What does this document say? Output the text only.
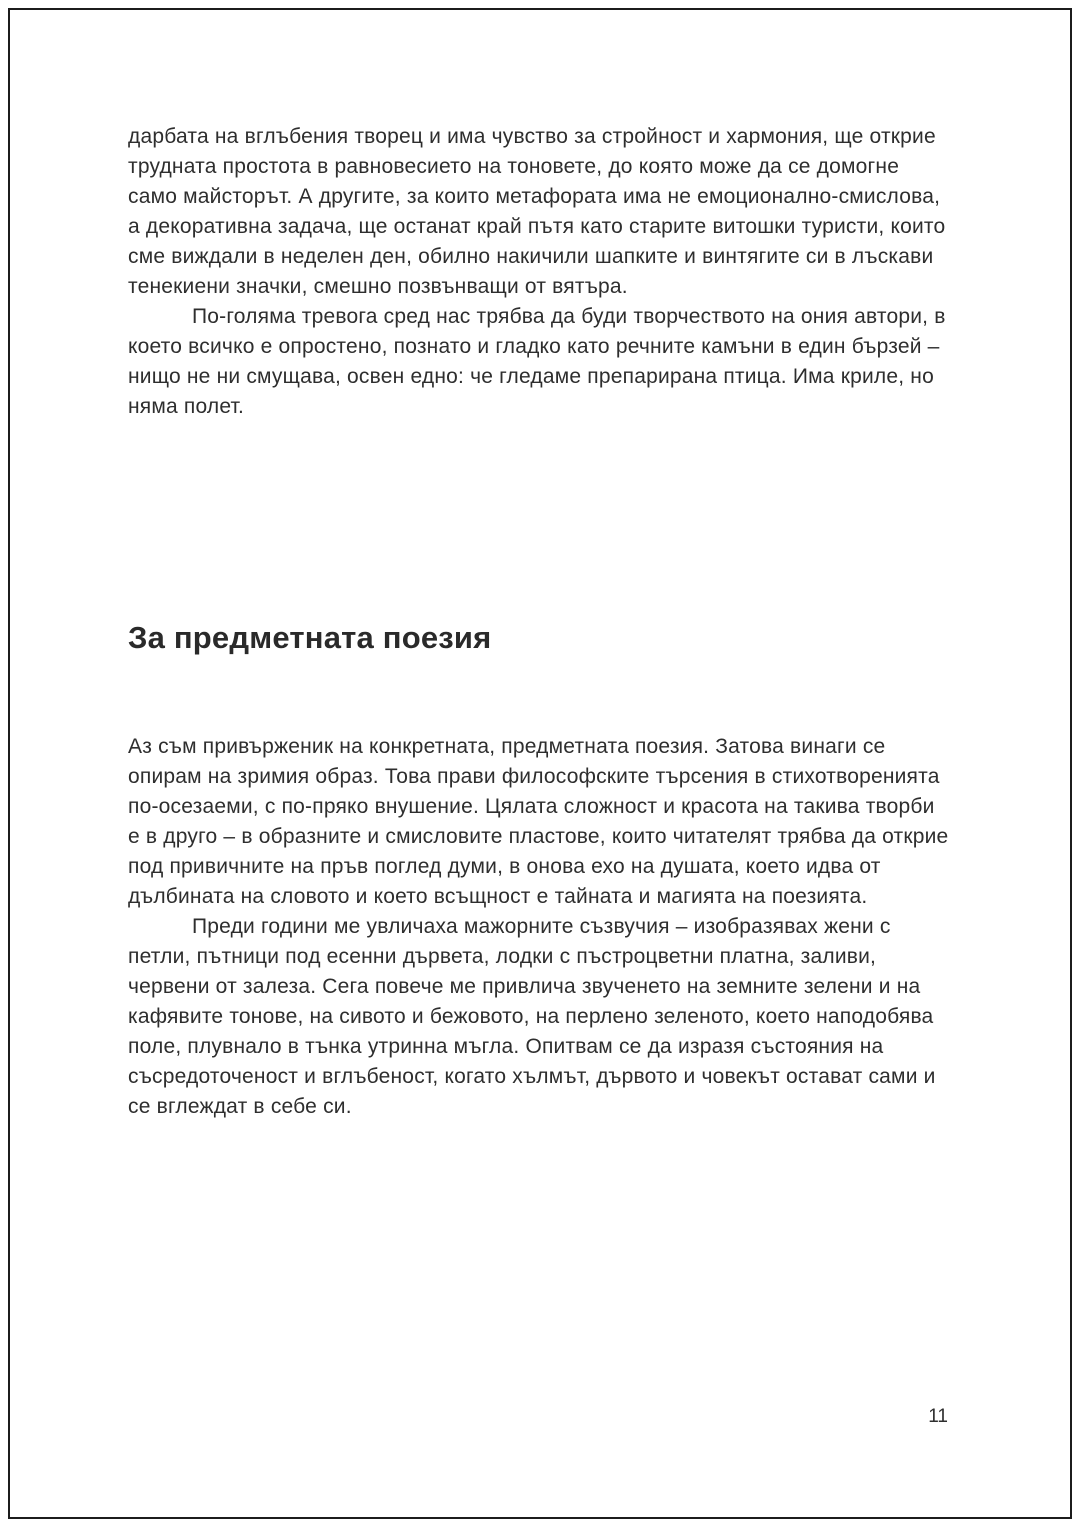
дарбата на вглъбения творец и има чувство за стройност и хармония, ще открие трудната простота в равновесието на тоновете, до която може да се домогне само майсторът. А другите, за които метафората има не емоционално-смислова, а декоративна задача, ще останат край пътя като старите витошки туристи, които сме виждали в неделен ден, обилно накичили шапките и винтягите си в лъскави тенекиени значки, смешно позвънващи от вятъра.

По-голяма тревога сред нас трябва да буди творчеството на ония автори, в което всичко е опростено, познато и гладко като речните камъни в един бързей – нищо не ни смущава, освен едно: че гледаме препарирана птица. Има криле, но няма полет.

За предметната поезия

Аз съм привърженик на конкретната, предметната поезия. Затова винаги се опирам на зримия образ. Това прави философските търсения в стихотворенията по-осезаеми, с по-пряко внушение. Цялата сложност и красота на такива творби е в друго – в образните и смисловите пластове, които читателят трябва да открие под привичните на пръв поглед думи, в онова ехо на душата, което идва от дълбината на словото и което всъщност е тайната и магията на поезията.

Преди години ме увличаха мажорните съзвучия – изобразявах жени с петли, пътници под есенни дървета, лодки с пъстроцветни платна, заливи, червени от залеза. Сега повече ме привлича звученето на земните зелени и на кафявите тонове, на сивото и бежовото, на перлено зеленото, което наподобява поле, плувнало в тънка утринна мъгла. Опитвам се да изразя състояния на съсредоточеност и вглъбеност, когато хълмът, дървото и човекът остават сами и се вглеждат в себе си.

11
